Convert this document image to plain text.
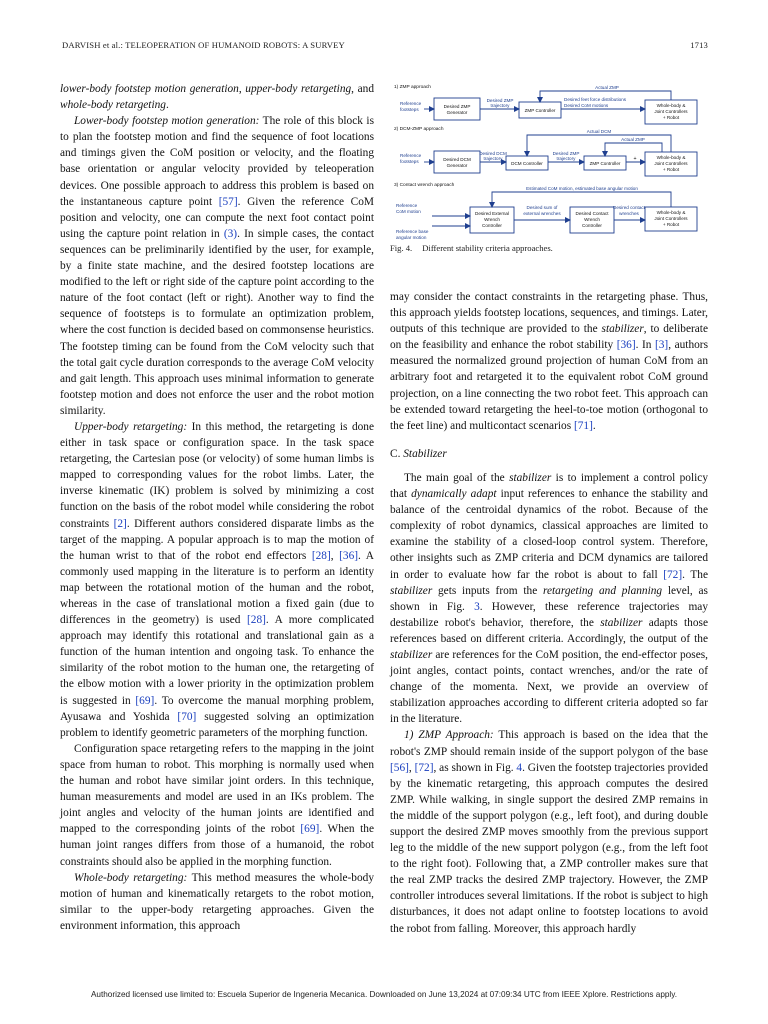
DARVISH et al.: TELEOPERATION OF HUMANOID ROBOTS: A SURVEY	1713

lower-body footstep motion generation, upper-body retargeting, and whole-body retargeting.

Lower-body footstep motion generation: The role of this block is to plan the footstep motion and find the sequence of foot locations and timings given the CoM position or velocity, and the floating base orientation or angular velocity provided by teleoperation devices. One possible approach to address this problem is based on the instantaneous capture point [57]. Given the reference CoM position and velocity, one can compute the next foot contact point using the capture point relation in (3). In simple cases, the contact sequences can be preliminarily identified by the user, for example, by a finite state machine, and the desired footstep locations are modified to the left or right side of the capture point according to the nature of the foot contact (left or right). Another way to find the sequence of footsteps is to formulate an optimization problem, where the cost function is decided based on commonsense heuristics. The footstep timing can be found from the CoM velocity such that the total gait cycle duration corresponds to the average CoM velocity and gait length. This approach uses minimal information to generate footstep motion and does not enforce the user and the robot motion similarity.

Upper-body retargeting: In this method, the retargeting is done either in task space or configuration space. In the task space retargeting, the Cartesian pose (or velocity) of some human limbs is mapped to corresponding values for the robot limbs. Later, the inverse kinematic (IK) problem is solved by minimizing a cost function on the basis of the robot model while considering the robot constraints [2]. Different authors considered disparate limbs as the target of the mapping. A popular approach is to map the motion of the human wrist to that of the robot end effectors [28], [36]. A commonly used mapping in the literature is to perform an identity map between the rotational motion of the human and the robot, whereas in the case of translational motion a fixed gain (due to differences in the geometry) is used [28]. A more complicated approach may identify this rotational and translational gain as a function of the human intention and ongoing task. To enhance the similarity of the robot motion to the human one, the retargeting of the elbow motion with a lower priority in the optimization problem is suggested in [69]. To overcome the manual morphing problem, Ayusawa and Yoshida [70] suggested solving an optimization problem to identify geometric parameters of the morphing function.

Configuration space retargeting refers to the mapping in the joint space from human to robot. This morphing is normally used when the human and robot have similar joint orders. In this technique, human measurements and model are used in an IKs problem. The joint angles and velocity of the human joints are identified and mapped to the corresponding joints of the robot [69]. When the human joint ranges differs from those of a humanoid, the robot constraints should also be applied in the morphing function.

Whole-body retargeting: This method measures the whole-body motion of human and kinematically retargets to the robot motion, similar to the upper-body retargeting approaches. Given the environment information, this approach

1) ZMP approach
Reference
footsteps
Desired ZMP
Generator
Desired ZMP
trajectory
ZMP Controller
Desired feet force distributions
Desired CoM motions	Whole-body &
Joint Controllers
+ Robot
Actual ZMP
2) DCM-ZMP approach
Reference
footsteps	Desired DCM
Generator
Desired DCM
trajectory
DCM Controller
Desired ZMP
trajectory
ZMP Controller
+	Whole-body &
Joint Controllers
+ Robot
Actual DCM
Actual ZMP
3) Contact wrench approach
Estimated CoM motion, estimated base angular motion
Reference
CoM motion
Reference base
angular motion
Desired External
Wrench
Controller
Desired sum of
external wrenches	Desired Contact
Wrench
Controller
Desired contact
wrenches	Whole-body &
Joint Controllers
+ Robot
Fig. 4. Different stability criteria approaches.

may consider the contact constraints in the retargeting phase. Thus, this approach yields footstep locations, sequences, and timings. Later, outputs of this technique are provided to the stabilizer, to deliberate on the feasibility and enhance the robot stability [36]. In [3], authors measured the normalized ground projection of human CoM from an arbitrary foot and retargeted it to the equivalent robot CoM ground projection, on a line connecting the two robot feet. This approach can be extended toward retargeting the heel-to-toe motion (orthogonal to the feet line) and multicontact scenarios [71].

C. Stabilizer

The main goal of the stabilizer is to implement a control policy that dynamically adapt input references to enhance the stability and balance of the centroidal dynamics of the robot. Because of the complexity of robot dynamics, classical approaches are limited to examine the stability of a closed-loop control system. Therefore, other insights such as ZMP criteria and DCM dynamics are tailored in order to evaluate how far the robot is about to fall [72]. The stabilizer gets inputs from the retargeting and planning level, as shown in Fig. 3. However, these reference trajectories may destabilize robot's behavior, therefore, the stabilizer adapts those references based on different criteria. Accordingly, the output of the stabilizer are references for the CoM position, the end-effector poses, joint angles, contact points, contact wrenches, and/or the rate of change of the momenta. Next, we provide an overview of stabilization approaches according to different criteria adopted so far in the literature.

1) ZMP Approach: This approach is based on the idea that the robot's ZMP should remain inside of the support polygon of the base [56], [72], as shown in Fig. 4. Given the footstep trajectories provided by the kinematic retargeting, this approach computes the desired ZMP. While walking, in single support the desired ZMP remains in the middle of the support polygon (e.g., left foot), and during double support the desired ZMP moves smoothly from the previous support leg to the middle of the new support polygon (e.g., from the left foot to the right foot). Following that, a ZMP controller makes sure that the real ZMP tracks the desired ZMP trajectory. However, the ZMP controller introduces several limitations. If the robot is subject to high disturbances, it does not adapt online to footstep locations to avoid the robot from falling. Moreover, this approach hardly

Authorized licensed use limited to: Escuela Superior de Ingeneria Mecanica. Downloaded on June 13,2024 at 07:09:34 UTC from IEEE Xplore. Restrictions apply.
